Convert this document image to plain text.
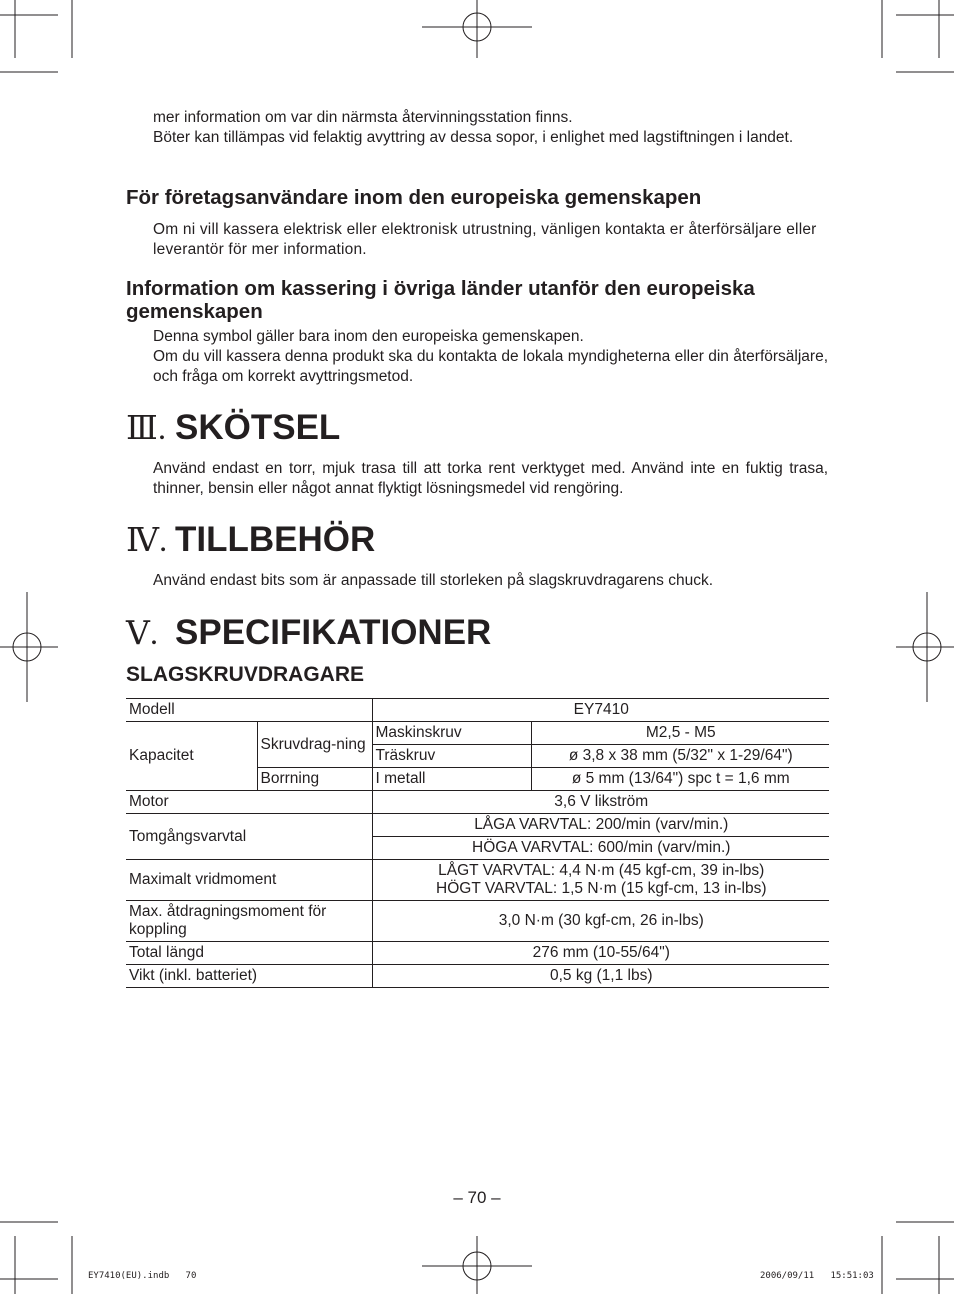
mer information om var din närmsta återvinningsstation finns.

Böter kan tillämpas vid felaktig avyttring av dessa sopor, i enlighet med lagstiftningen i landet.

För företagsanvändare inom den europeiska gemenskapen

Om ni vill kassera elektrisk eller elektronisk utrustning, vänligen kontakta er återförsäljare eller leverantör för mer information.

Information om kassering i övriga länder utanför den europeiska gemenskapen

Denna symbol gäller bara inom den europeiska gemenskapen.

Om du vill kassera denna produkt ska du kontakta de lokala myndigheterna eller din återförsäljare, och fråga om korrekt avyttringsmetod.

Ⅲ. SKÖTSEL

Använd endast en torr, mjuk trasa till att torka rent verktyget med. Använd inte en fuktig trasa, thinner, bensin eller något annat flyktigt lösningsmedel vid rengöring.

Ⅳ. TILLBEHÖR

Använd endast bits som är anpassade till storleken på slagskruvdragarens chuck.

Ⅴ. SPECIFIKATIONER
SLAGSKRUVDRAGARE
Modell		EY7410	
Kapacitet	Skruvdrag-ning	Maskinskruv	M2,5 - M5
		Träskruv	ø 3,8 x 38 mm (5/32" x 1-29/64")
	Borrning	I metall	ø 5 mm (13/64") spc t = 1,6 mm
Motor		3,6 V likström	
Tomgångsvarvtal		LÅGA VARVTAL: 200/min (varv/min.)	
		HÖGA VARVTAL: 600/min (varv/min.)	
Maximalt vridmoment		LÅGT VARVTAL: 4,4 N·m (45 kgf-cm, 39 in-lbs)
HÖGT VARVTAL: 1,5 N·m (15 kgf-cm, 13 in-lbs)	

Max. åtdragningsmoment för koppling		3,0 N·m (30 kgf-cm, 26 in-lbs)	
Total längd		276 mm (10-55/64")	
Vikt (inkl. batteriet)		0,5 kg (1,1 lbs)	
– 70 –
EY7410(EU).indb   70	2006/09/11   15:51:03
